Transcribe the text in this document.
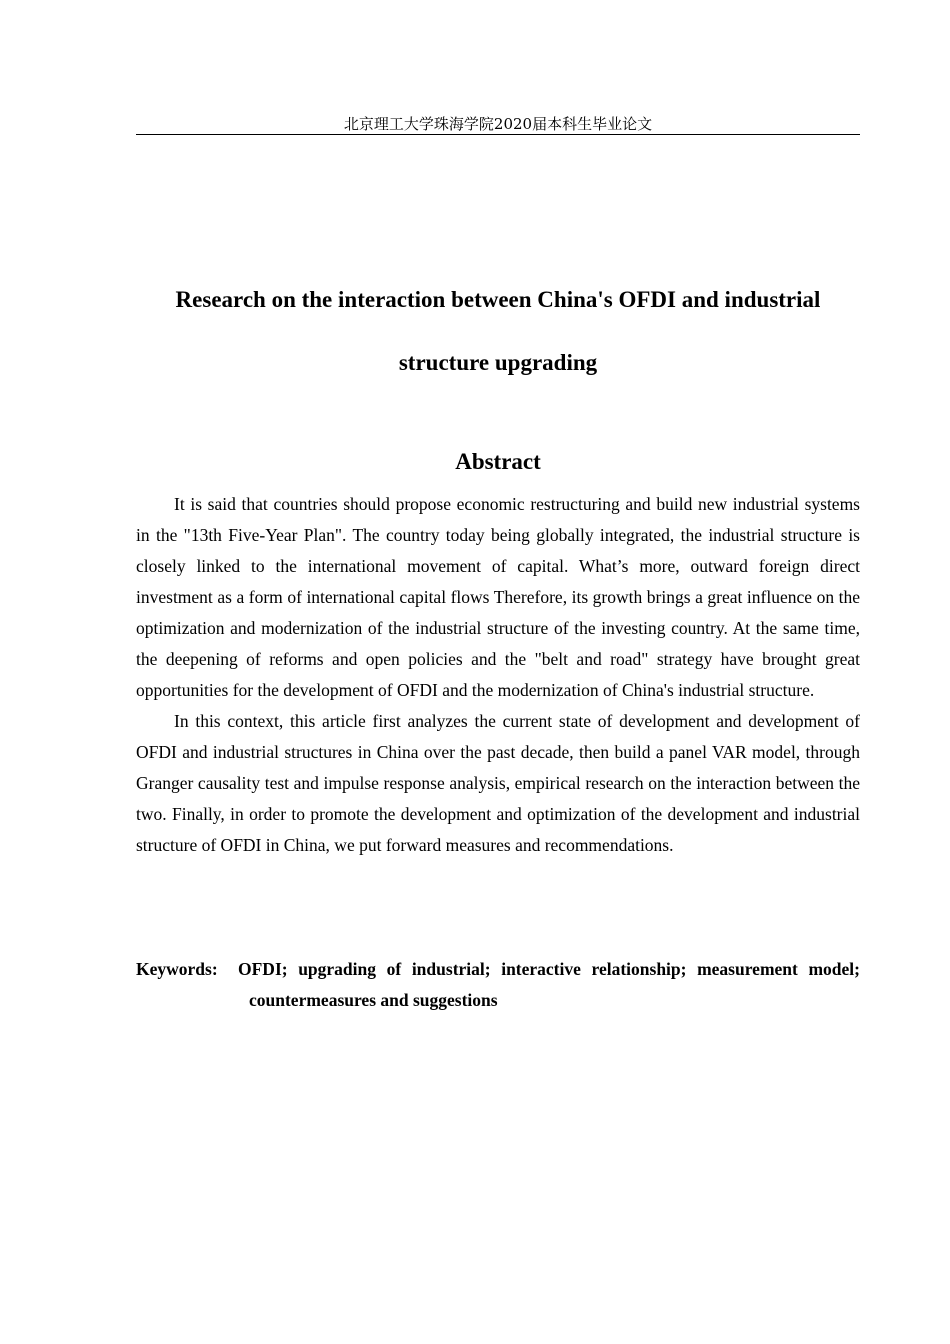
北京理工大学珠海学院2020届本科生毕业论文
Research on the interaction between China's OFDI and industrial structure upgrading
Abstract

It is said that countries should propose economic restructuring and build new industrial systems in the "13th Five-Year Plan". The country today being globally integrated, the industrial structure is closely linked to the international movement of capital. What’s more, outward foreign direct investment as a form of international capital flows Therefore, its growth brings a great influence on the optimization and modernization of the industrial structure of the investing country. At the same time, the deepening of reforms and open policies and the "belt and road" strategy have brought great opportunities for the development of OFDI and the modernization of China's industrial structure.

In this context, this article first analyzes the current state of development and development of OFDI and industrial structures in China over the past decade, then build a panel VAR model, through Granger causality test and impulse response analysis, empirical research on the interaction between the two. Finally, in order to promote the development and optimization of the development and industrial structure of OFDI in China, we put forward measures and recommendations.

Keywords: OFDI; upgrading of industrial; interactive relationship; measurement model; countermeasures and suggestions
